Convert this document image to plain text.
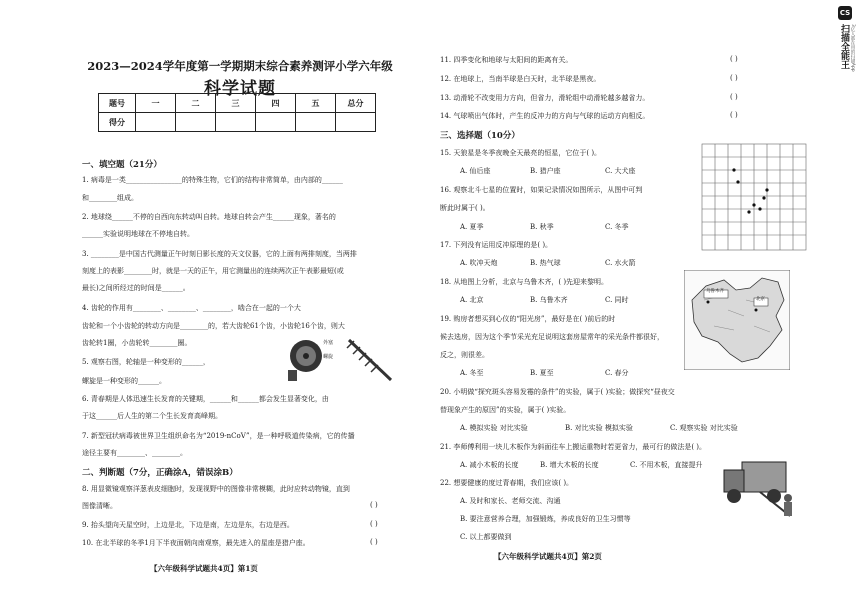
2023—2024学年度第一学期期末综合素养测评小学六年级
科学试题
题号	一	二	三	四	五	总分
得分						
一、填空题（21分）
1. 病毒是一类________________的特殊生物，它们的结构非常简单，由内部的______
和________组成。
2. 地球绕______不停的自西向东转动叫自转。地球自转会产生______现象，著名的
______实验说明地球在不停地自转。
3. ________是中国古代测量正午时刻日影长度的天文仪器，它的上面有两排刻度，当两排
刻度上的表影________时，就是一天的正午，用它测量出的连续两次正午表影最短(或
最长)之间所经过的时间是______。
4. 齿轮的作用有________、________、________，啮合在一起的一个大
齿轮和一个小齿轮的转动方向是________的，若大齿轮61个齿，小齿轮16个齿，则大
齿轮转1圈，小齿轮转________圈。
5. 观察右图，轮轴是一种变形的______，
螺旋是一种变形的______。
外塞
螺旋
6. 青春期是人体迅速生长发育的关键期，______和______都会发生显著变化，由
于这______后人生的第二个生长发育高峰期。
7. 新型冠状病毒被世界卫生组织命名为“2019-nCoV”，是一种呼吸道传染病，它的传播
途径主要有________、________。
二、判断题（7分，正确涂A，错误涂B）
8. 用显微镜观察洋葱表皮细胞时，发现视野中的图像非常模糊，此时应转动物镜，直到
图像清晰。	( )
9. 抬头望向天星空时，上边是北，下边是南，左边是东，右边是西。	( )
10. 在北半球的冬季1月下半夜面朝向南观察，最先进入的星座是猎户座。	( )
【六年级科学试题共4页】第1页
11. 四季变化和地球与太阳间的距离有关。	( )
12. 在地球上，当南半球是白天时，北半球是黑夜。	( )
13. 动滑轮不改变用力方向，但省力，滑轮组中动滑轮越多越省力。	( )
14. 气球喷出气体时，产生的反冲力的方向与气球的运动方向相反。	( )
三、选择题（10分）
15. 天狼星是冬季夜晚全天最亮的恒星，它位于( )。
A. 仙后座	B. 猎户座	C. 大犬座
16. 观察北斗七星的位置时，如果记录情况如图所示，从图中可判
断此时属于( )。
A. 夏季	B. 秋季	C. 冬季
17. 下列没有运用反冲原理的是( )。
A. 吹冲天炮	B. 热气球	C. 水火箭
18. 从地图上分析，北京与乌鲁木齐，( )先迎来黎明。
A. 北京	B. 乌鲁木齐	C. 同时
乌鲁木齐
北京
19. 购房者想买到心仪的“阳光房”，最好是在( )前后的时
候去选房，因为这个季节采光充足说明这套房屋常年的采光条件都很好，
反之，则很差。
A. 冬至	B. 夏至	C. 春分
20. 小明做“探究斑头容易发霉的条件”的实验，属于( )实验；做探究“昼夜交
替现象产生的原因”的实验，属于( )实验。
A. 模拟实验 对比实验	B. 对比实验 模拟实验	C. 观察实验 对比实验
21. 李师傅利用一块儿木板作为斜面往车上搬运重物时若更省力，最可行的做法是( )。
A. 减小木板的长度	B. 增大木板的长度	C. 不用木板，直接提升
22. 想要健康的度过青春期，我们应该( )。
A. 及时和家长、老师交流、沟通
B. 要注意营养合理，加强锻炼，养成良好的卫生习惯等
C. 以上都要做到
【六年级科学试题共4页】第2页
CS
扫描全能王 3亿人都在用的扫描App
